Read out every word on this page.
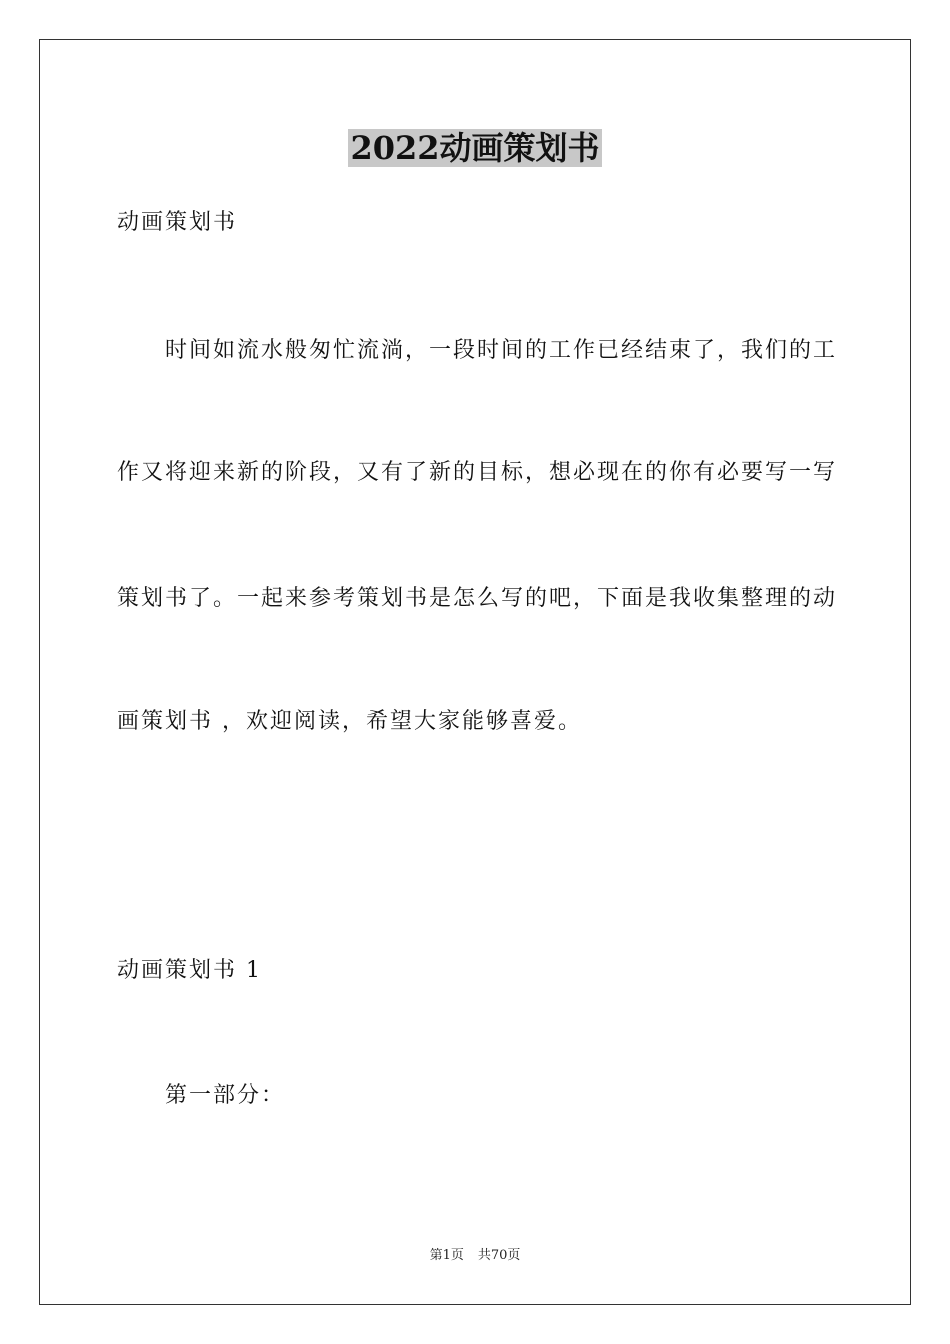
2022动画策划书
动画策划书
时间如流水般匆忙流淌，一段时间的工作已经结束了，我们的工
作又将迎来新的阶段，又有了新的目标，想必现在的你有必要写一写
策划书了。一起来参考策划书是怎么写的吧，下面是我收集整理的动
画策划书 ，欢迎阅读，希望大家能够喜爱。
动画策划书 1
第一部分：
第1页 共70页
